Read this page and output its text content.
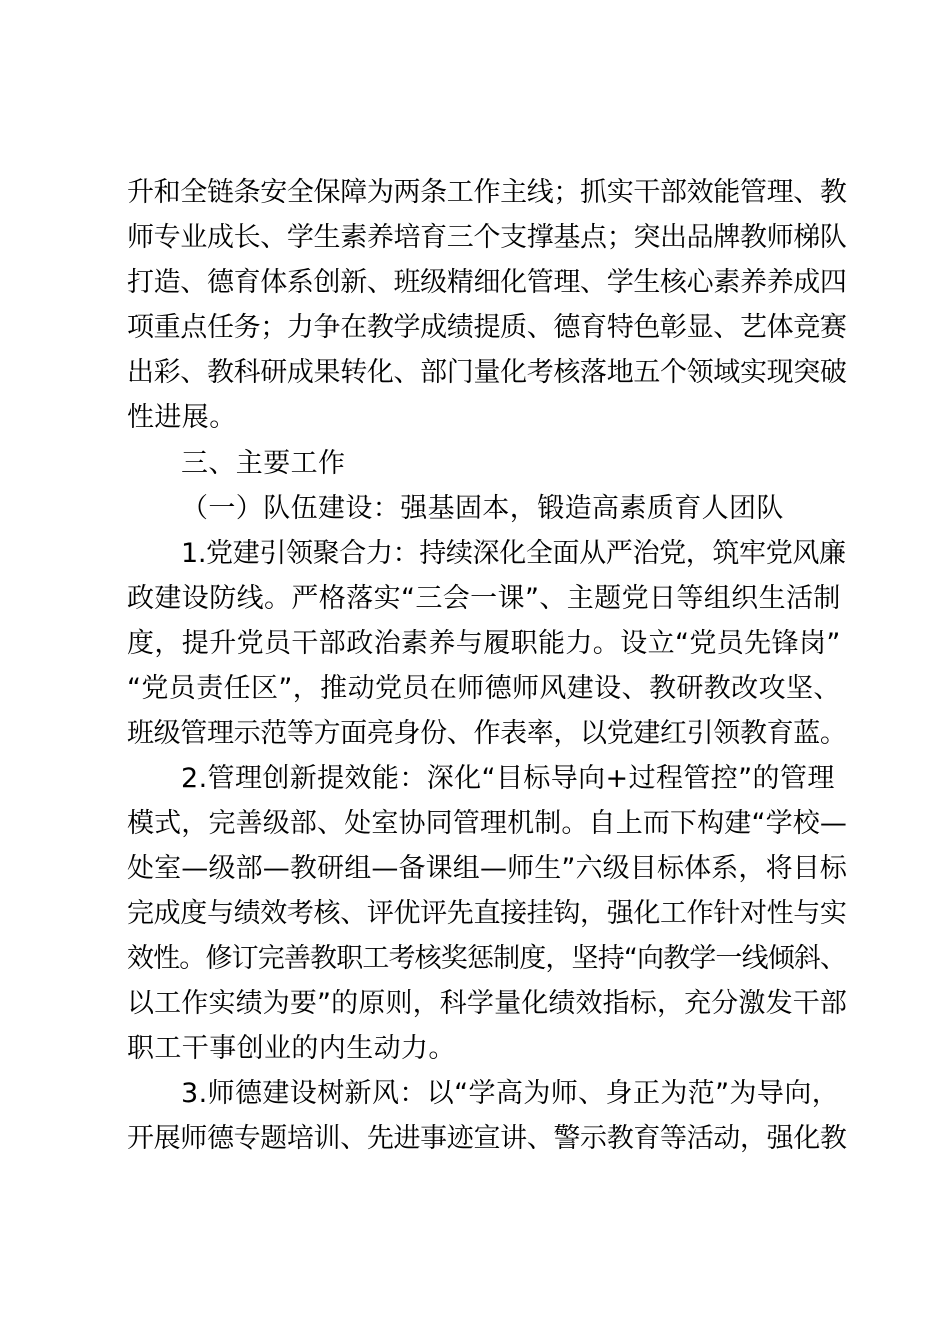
升和全链条安全保障为两条工作主线；抓实干部效能管理、教
师专业成长、学生素养培育三个支撑基点；突出品牌教师梯队
打造、德育体系创新、班级精细化管理、学生核心素养养成四
项重点任务；力争在教学成绩提质、德育特色彰显、艺体竞赛
出彩、教科研成果转化、部门量化考核落地五个领域实现突破
性进展。
三、主要工作
（一）队伍建设：强基固本，锻造高素质育人团队
1.党建引领聚合力：持续深化全面从严治党，筑牢党风廉
政建设防线。严格落实“三会一课”、主题党日等组织生活制
度，提升党员干部政治素养与履职能力。设立“党员先锋岗”
“党员责任区”，推动党员在师德师风建设、教研教改攻坚、
班级管理示范等方面亮身份、作表率，以党建红引领教育蓝。
2.管理创新提效能：深化“目标导向+过程管控”的管理
模式，完善级部、处室协同管理机制。自上而下构建“学校—
处室—级部—教研组—备课组—师生”六级目标体系，将目标
完成度与绩效考核、评优评先直接挂钩，强化工作针对性与实
效性。修订完善教职工考核奖惩制度，坚持“向教学一线倾斜、
以工作实绩为要”的原则，科学量化绩效指标，充分激发干部
职工干事创业的内生动力。
3.师德建设树新风：以“学高为师、身正为范”为导向，
开展师德专题培训、先进事迹宣讲、警示教育等活动，强化教
